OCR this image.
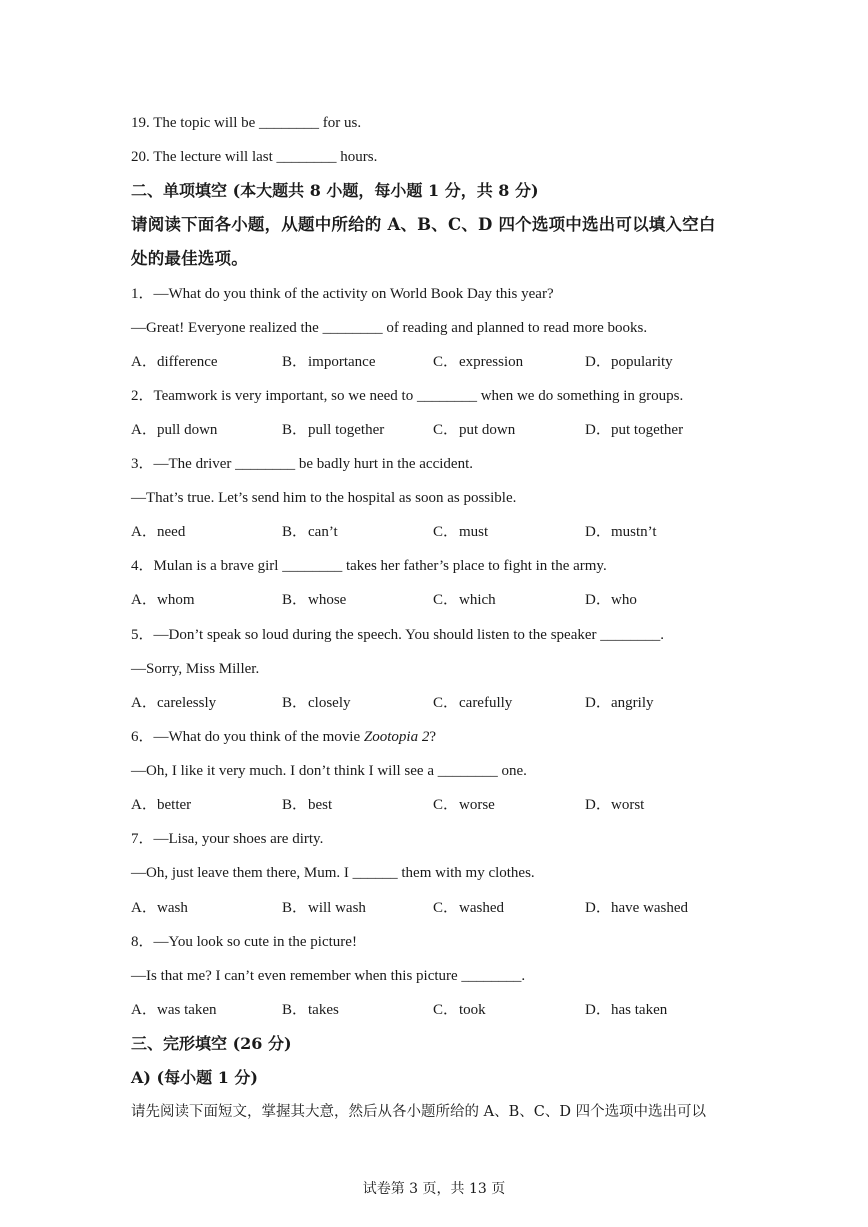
19. The topic will be ________ for us.
20. The lecture will last ________ hours.
二、单项填空 (本大题共 8 小题，每小题 1 分，共 8 分)
请阅读下面各小题，从题中所给的 A、B、C、D 四个选项中选出可以填入空白
处的最佳选项。
1．—What do you think of the activity on World Book Day this year?
—Great! Everyone realized the ________ of reading and planned to read more books.
A．difference	B．importance	C．expression	D．popularity
2．Teamwork is very important, so we need to ________ when we do something in groups.
A．pull down	B．pull together	C．put down	D．put together
3．—The driver ________ be badly hurt in the accident.
—That’s true. Let’s send him to the hospital as soon as possible.
A．need	B．can’t	C．must	D．mustn’t
4．Mulan is a brave girl ________ takes her father’s place to fight in the army.
A．whom	B．whose	C．which	D．who
5．—Don’t speak so loud during the speech. You should listen to the speaker ________.
—Sorry, Miss Miller.
A．carelessly	B．closely	C．carefully	D．angrily
6．—What do you think of the movie Zootopia 2?
—Oh, I like it very much. I don’t think I will see a ________ one.
A．better	B．best	C．worse	D．worst
7．—Lisa, your shoes are dirty.
—Oh, just leave them there, Mum. I ______ them with my clothes.
A．wash	B．will wash	C．washed	D．have washed
8．—You look so cute in the picture!
—Is that me? I can’t even remember when this picture ________.
A．was taken	B．takes	C．took	D．has taken
三、完形填空 (26 分)
A) (每小题 1 分)
请先阅读下面短文，掌握其大意，然后从各小题所给的 A、B、C、D 四个选项中选出可以
试卷第 3 页，共 13 页
